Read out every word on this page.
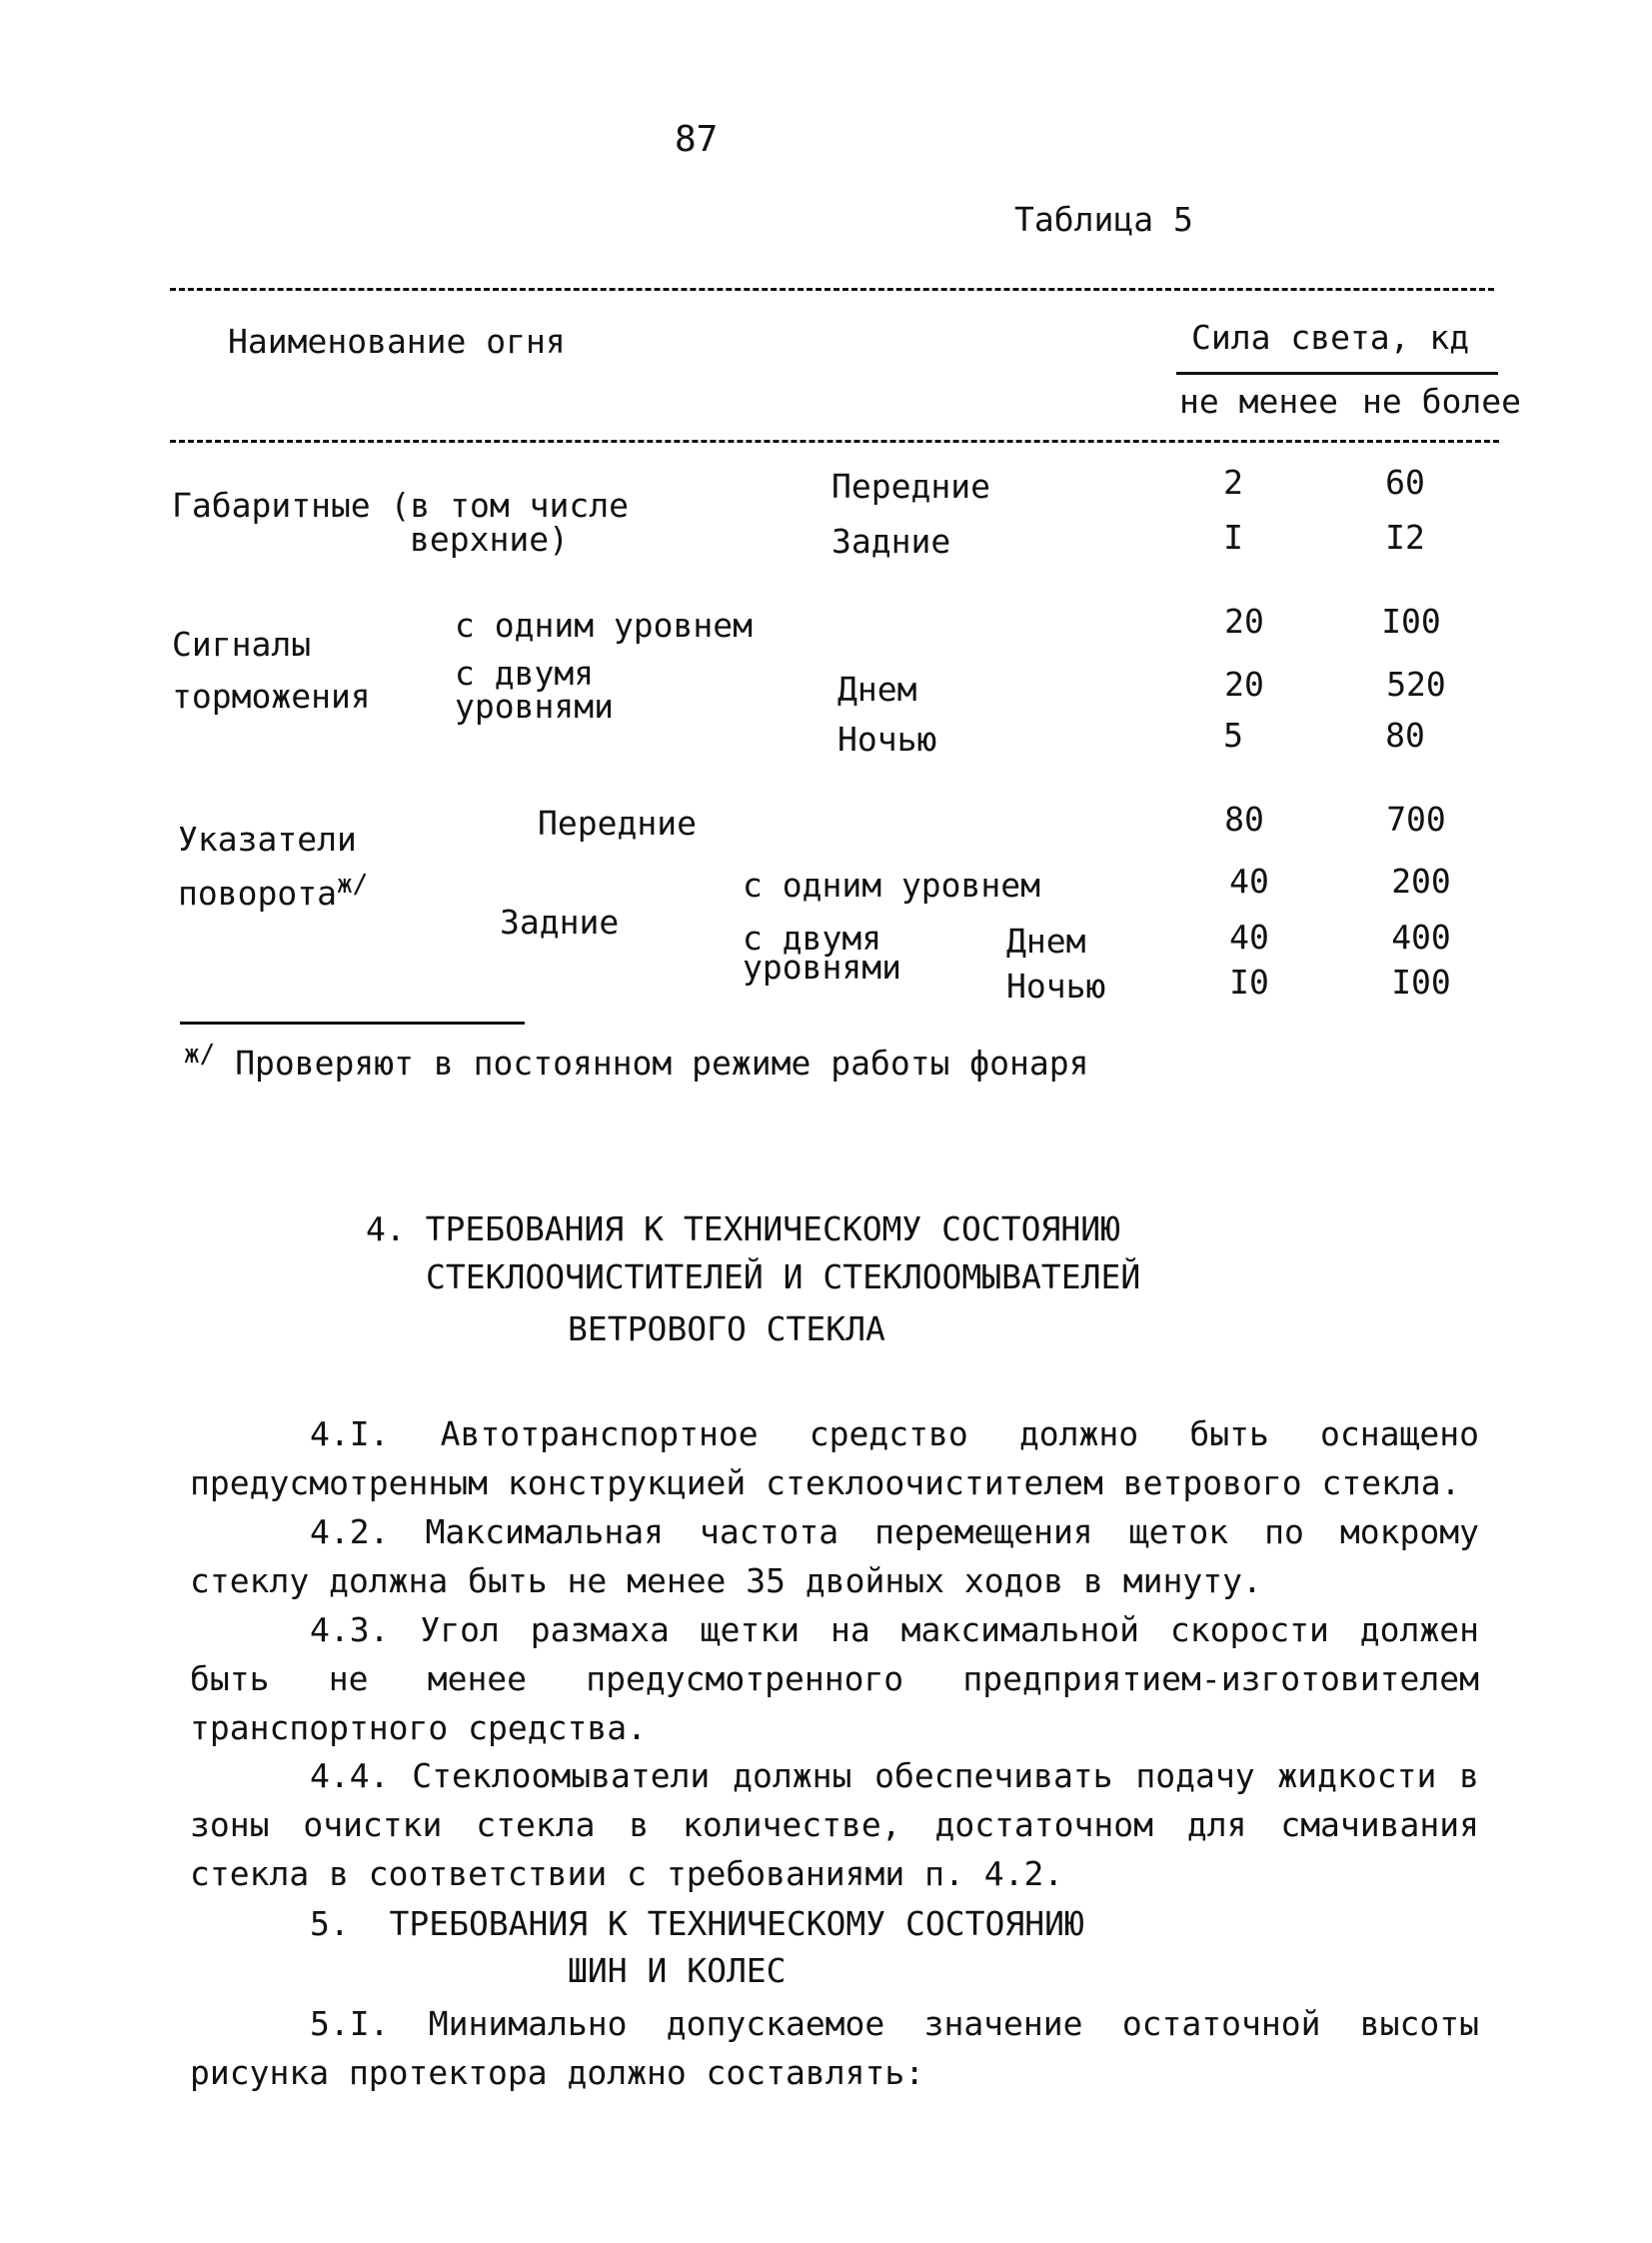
87
Таблица 5
Наименование огня	Сила света, кд
не менее не более
Габаритные (в том числе
верхние)
Передние	2	60
Задние	I	I2
Сигналы
торможения
с одним уровнем	20	I00
с двумя
уровнями	Днем	20	520
Ночью	5	80
Указатели
поворота$^{ж/}$
Передние	80	700
Задние
с одним уровнем	40	200
с двумя
уровнями
Днем	40	400
Ночью	I0	I00
$^{ж/}$ Проверяют в постоянном режиме работы фонаря
4. ТРЕБОВАНИЯ К ТЕХНИЧЕСКОМУ СОСТОЯНИЮ
СТЕКЛООЧИСТИТЕЛЕЙ И СТЕКЛООМЫВАТЕЛЕЙ
ВЕТРОВОГО СТЕКЛА
4.I. Автотранспортное средство должно быть оснащено предусмотренным конструкцией стеклоочистителем ветрового стекла.
4.2. Максимальная частота перемещения щеток по мокрому стеклу должна быть не менее 35 двойных ходов в минуту.
4.3. Угол размаха щетки на максимальной скорости должен быть не менее предусмотренного предприятием-изготовителем транспортного средства.
4.4. Стеклоомыватели должны обеспечивать подачу жидкости в зоны очистки стекла в количестве, достаточном для смачивания стекла в соответствии с требованиями п. 4.2.
5.  ТРЕБОВАНИЯ К ТЕХНИЧЕСКОМУ СОСТОЯНИЮ
ШИН И КОЛЕС
5.I. Минимально допускаемое значение остаточной высоты рисунка протектора должно составлять:
